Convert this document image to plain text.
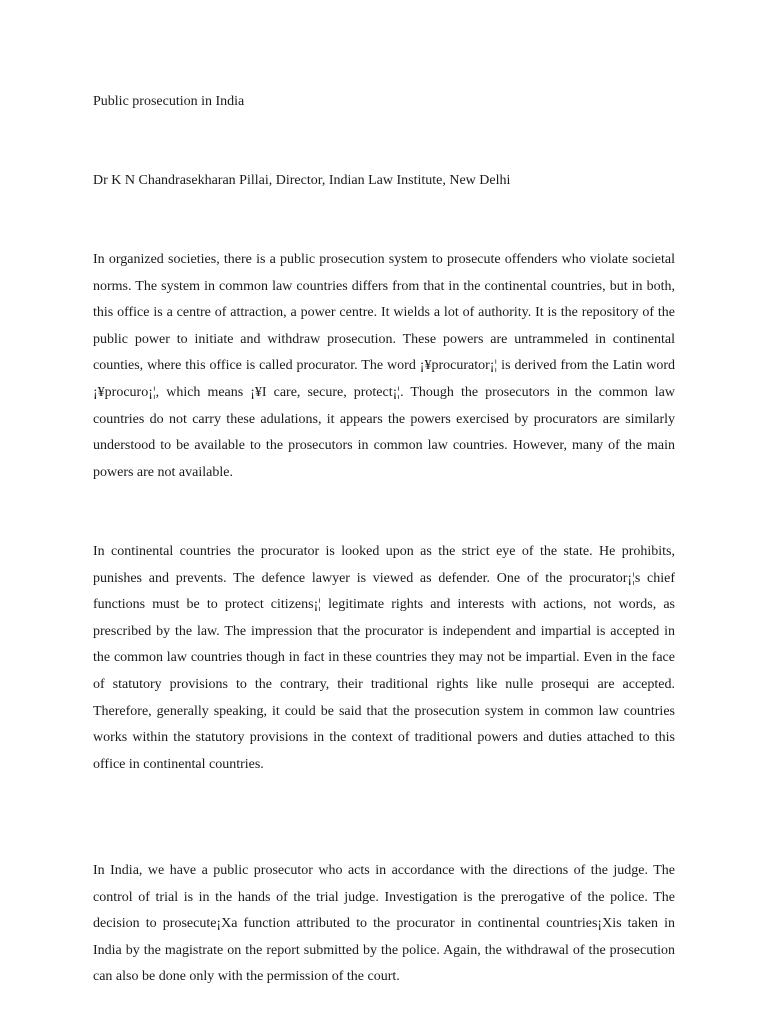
Public prosecution in India
Dr K N Chandrasekharan Pillai, Director, Indian Law Institute, New Delhi

In organized societies, there is a public prosecution system to prosecute offenders who violate societal norms. The system in common law countries differs from that in the continental countries, but in both, this office is a centre of attraction, a power centre. It wields a lot of authority. It is the repository of the public power to initiate and withdraw prosecution. These powers are untrammeled in continental counties, where this office is called procurator. The word ¡¥procurator¡¦ is derived from the Latin word ¡¥procuro¡¦, which means ¡¥I care, secure, protect¡¦. Though the prosecutors in the common law countries do not carry these adulations, it appears the powers exercised by procurators are similarly understood to be available to the prosecutors in common law countries. However, many of the main powers are not available.

In continental countries the procurator is looked upon as the strict eye of the state. He prohibits, punishes and prevents. The defence lawyer is viewed as defender. One of the procurator¡¦s chief functions must be to protect citizens¡¦ legitimate rights and interests with actions, not words, as prescribed by the law. The impression that the procurator is independent and impartial is accepted in the common law countries though in fact in these countries they may not be impartial. Even in the face of statutory provisions to the contrary, their traditional rights like nulle prosequi are accepted. Therefore, generally speaking, it could be said that the prosecution system in common law countries works within the statutory provisions in the context of traditional powers and duties attached to this office in continental countries.

In India, we have a public prosecutor who acts in accordance with the directions of the judge. The control of trial is in the hands of the trial judge. Investigation is the prerogative of the police. The decision to prosecute¡Xa function attributed to the procurator in continental countries¡Xis taken in India by the magistrate on the report submitted by the police. Again, the withdrawal of the prosecution can also be done only with the permission of the court.
